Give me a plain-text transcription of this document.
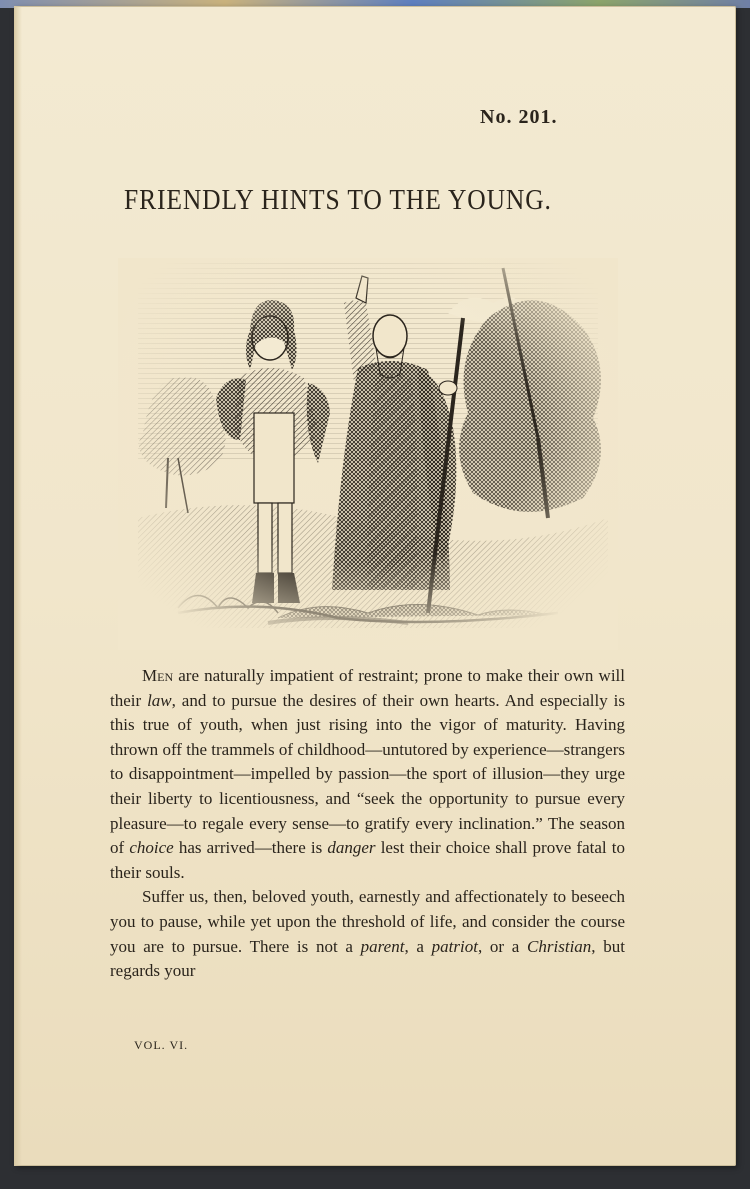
No. 201.
FRIENDLY HINTS TO THE YOUNG.

Men are naturally impatient of restraint; prone to make their own will their law, and to pursue the desires of their own hearts. And especially is this true of youth, when just rising into the vigor of maturity. Having thrown off the trammels of childhood—untutored by experience—strangers to disappointment—impelled by passion—the sport of illusion—they urge their liberty to licentiousness, and “seek the opportunity to pursue every pleasure—to regale every sense—to gratify every inclination.” The season of choice has arrived—there is danger lest their choice shall prove fatal to their souls.

Suffer us, then, beloved youth, earnestly and affectionately to beseech you to pause, while yet upon the threshold of life, and consider the course you are to pursue. There is not a parent, a patriot, or a Christian, but regards your

VOL. VI.
